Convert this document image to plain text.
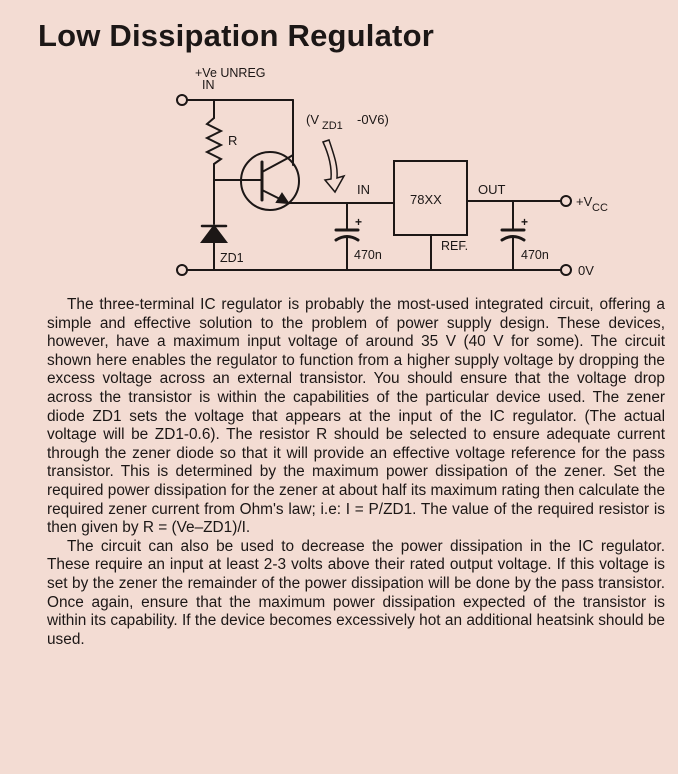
Low Dissipation Regulator
+Ve UNREG
IN
R
(V ZD1 -0V6)
+
470n
IN
78XX
REF.
OUT
+V CC
+
470n
ZD1
0V

The three-terminal IC regulator is probably the most-used integrated circuit, offering a simple and effective solution to the problem of power supply design. These devices, however, have a maximum input voltage of around 35 V (40 V for some). The circuit shown here enables the regulator to function from a higher supply voltage by dropping the excess voltage across an external transistor. You should ensure that the voltage drop across the transistor is within the capabilities of the particular device used. The zener diode ZD1 sets the voltage that appears at the input of the IC regulator. (The actual voltage will be ZD1-0.6). The resistor R should be selected to ensure adequate current through the zener diode so that it will provide an effective voltage reference for the pass transistor. This is determined by the maximum power dissipation of the zener. Set the required power dissipation for the zener at about half its maximum rating then calculate the required zener current from Ohm's law; i.e: I = P/ZD1. The value of the required resistor is then given by R = (Ve–ZD1)/I.

The circuit can also be used to decrease the power dissipation in the IC regulator. These require an input at least 2-3 volts above their rated output voltage. If this voltage is set by the zener the remainder of the power dissipation will be done by the pass transistor. Once again, ensure that the maximum power dissipation expected of the transistor is within its capability. If the device becomes excessively hot an additional heatsink should be used.
